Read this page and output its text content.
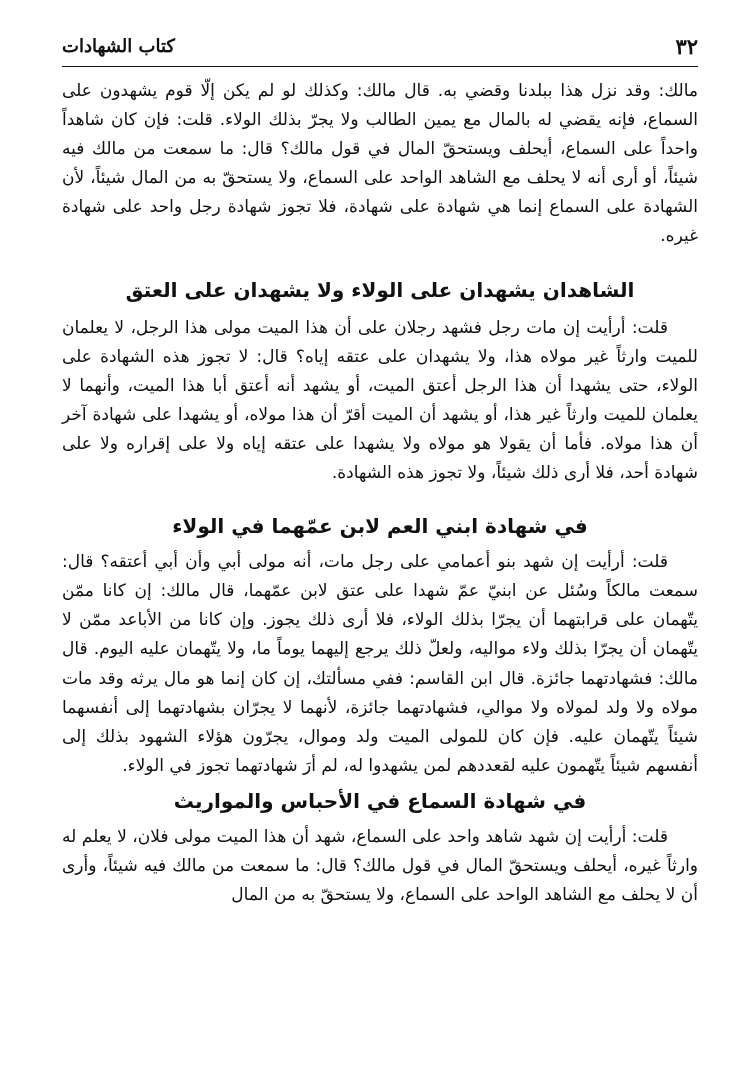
٣٢
كتاب الشهادات

مالك: وقد نزل هذا ببلدنا وقضي به. قال مالك: وكذلك لو لم يكن إلّا قوم يشهدون على السماع، فإنه يقضي له بالمال مع يمين الطالب ولا يجرّ بذلك الولاء. قلت: فإن كان شاهداً واحداً على السماع، أيحلف ويستحقّ المال في قول مالك؟ قال: ما سمعت من مالك فيه شيئاً، أو أرى أنه لا يحلف مع الشاهد الواحد على السماع، ولا يستحقّ به من المال شيئاً، لأن الشهادة على السماع إنما هي شهادة على شهادة، فلا تجوز شهادة رجل واحد على شهادة غيره.

الشاهدان يشهدان على الولاء ولا يشهدان على العتق

قلت: أرأيت إن مات رجل فشهد رجلان على أن هذا الميت مولى هذا الرجل، لا يعلمان للميت وارثاً غير مولاه هذا، ولا يشهدان على عتقه إياه؟ قال: لا تجوز هذه الشهادة على الولاء، حتى يشهدا أن هذا الرجل أعتق الميت، أو يشهد أنه أعتق أبا هذا الميت، وأنهما لا يعلمان للميت وارثاً غير هذا، أو يشهد أن الميت أقرّ أن هذا مولاه، أو يشهدا على شهادة آخر أن هذا مولاه. فأما أن يقولا هو مولاه ولا يشهدا على عتقه إياه ولا على إقراره ولا على شهادة أحد، فلا أرى ذلك شيئاً، ولا تجوز هذه الشهادة.

في شهادة ابني العم لابن عمّهما في الولاء

قلت: أرأيت إن شهد بنو أعمامي على رجل مات، أنه مولى أبي وأن أبي أعتقه؟ قال: سمعت مالكاً وسُئل عن ابنيّ عمّ شهدا على عتق لابن عمّهما، قال مالك: إن كانا ممّن يتّهمان على قرابتهما أن يجرّا بذلك الولاء، فلا أرى ذلك يجوز. وإن كانا من الأباعد ممّن لا يتّهمان أن يجرّا بذلك ولاء مواليه، ولعلّ ذلك يرجع إليهما يوماً ما، ولا يتّهمان عليه اليوم. قال مالك: فشهادتهما جائزة. قال ابن القاسم: ففي مسألتك، إن كان إنما هو مال يرثه وقد مات مولاه ولا ولد لمولاه ولا موالي، فشهادتهما جائزة، لأنهما لا يجرّان بشهادتهما إلى أنفسهما شيئاً يتّهمان عليه. فإن كان للمولى الميت ولد وموال، يجرّون هؤلاء الشهود بذلك إلى أنفسهم شيئاً يتّهمون عليه لقعددهم لمن يشهدوا له، لم أرَ شهادتهما تجوز في الولاء.

في شهادة السماع في الأحباس والمواريث

قلت: أرأيت إن شهد شاهد واحد على السماع، شهد أن هذا الميت مولى فلان، لا يعلم له وارثاً غيره، أيحلف ويستحقّ المال في قول مالك؟ قال: ما سمعت من مالك فيه شيئاً، وأرى أن لا يحلف مع الشاهد الواحد على السماع، ولا يستحقّ به من المال
